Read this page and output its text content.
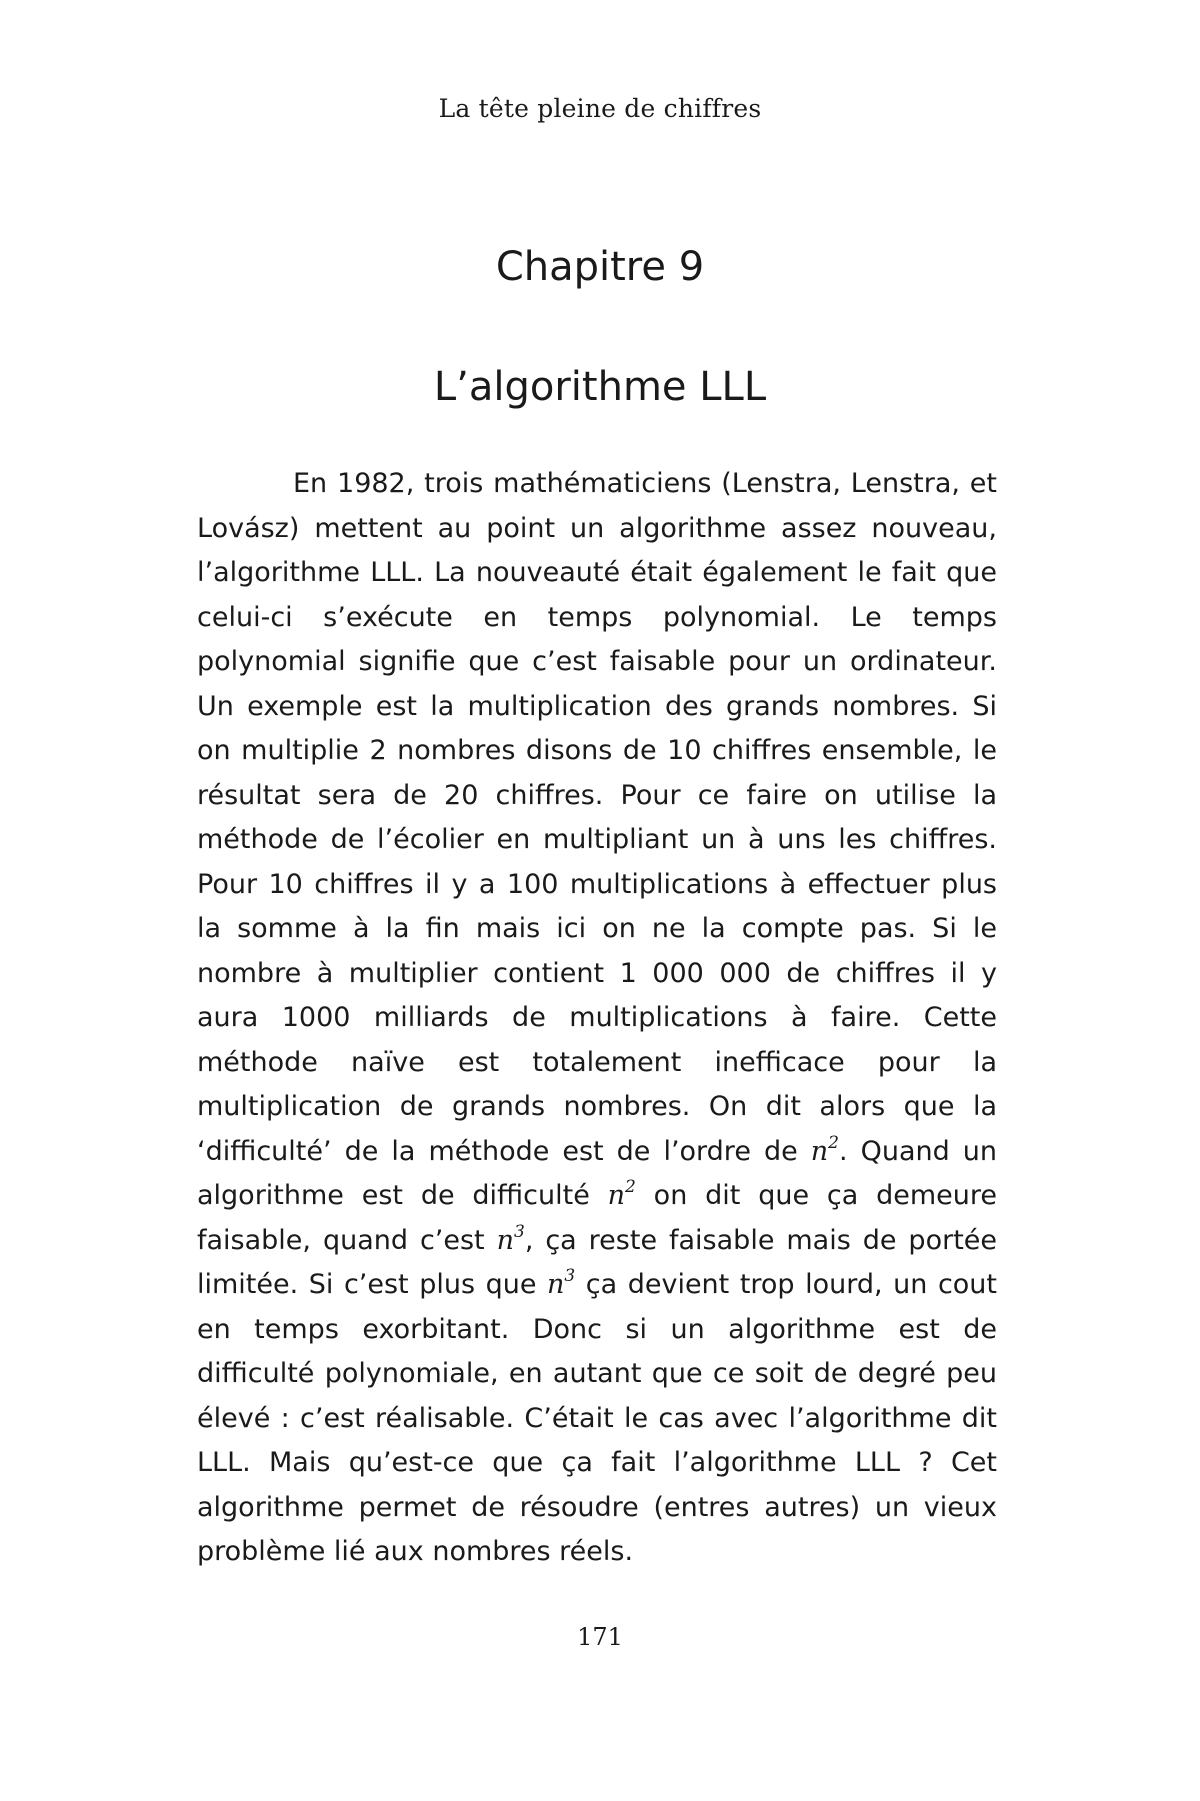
La tête pleine de chiffres
Chapitre 9
L’algorithme LLL

En 1982, trois mathématiciens (Lenstra, Lenstra, et Lovász) mettent au point un algorithme assez nouveau, l’algorithme LLL. La nouveauté était également le fait que celui-ci s’exécute en temps polynomial. Le temps polynomial signifie que c’est faisable pour un ordinateur. Un exemple est la multiplication des grands nombres. Si on multiplie 2 nombres disons de 10 chiffres ensemble, le résultat sera de 20 chiffres. Pour ce faire on utilise la méthode de l’écolier en multipliant un à uns les chiffres. Pour 10 chiffres il y a 100 multiplications à effectuer plus la somme à la fin mais ici on ne la compte pas. Si le nombre à multiplier contient 1 000 000 de chiffres il y aura 1000 milliards de multiplications à faire. Cette méthode naïve est totalement inefficace pour la multiplication de grands nombres. On dit alors que la ‘difficulté’ de la méthode est de l’ordre de $n^2$. Quand un algorithme est de difficulté $n^2$ on dit que ça demeure faisable, quand c’est $n^3$, ça reste faisable mais de portée limitée. Si c’est plus que $n^3$ ça devient trop lourd, un cout en temps exorbitant. Donc si un algorithme est de difficulté polynomiale, en autant que ce soit de degré peu élevé : c’est réalisable. C’était le cas avec l’algorithme dit LLL. Mais qu’est-ce que ça fait l’algorithme LLL ? Cet algorithme permet de résoudre (entres autres) un vieux problème lié aux nombres réels.

171
